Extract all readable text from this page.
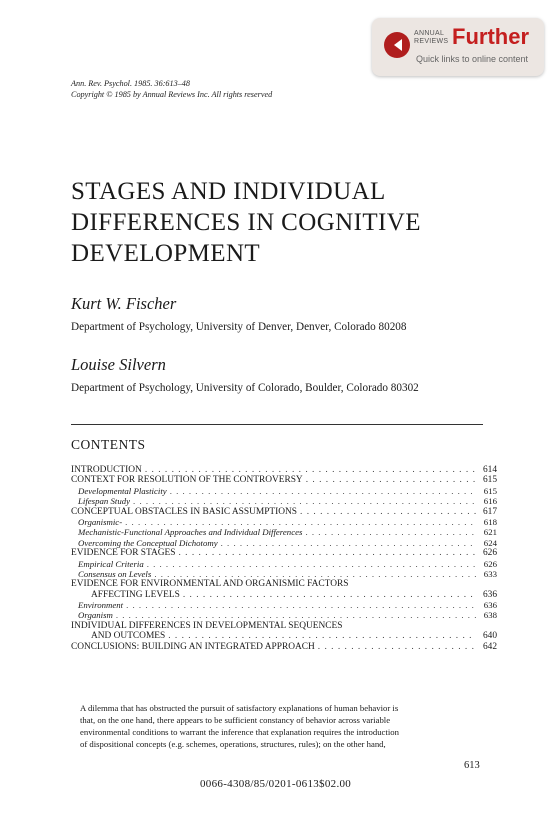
ANNUAL
REVIEWS Further
Quick links to online content
Ann. Rev. Psychol. 1985. 36:613–48
Copyright © 1985 by Annual Reviews Inc. All rights reserved
STAGES AND INDIVIDUAL
DIFFERENCES IN COGNITIVE
DEVELOPMENT
Kurt W. Fischer
Department of Psychology, University of Denver, Denver, Colorado 80208
Louise Silvern
Department of Psychology, University of Colorado, Boulder, Colorado 80302
CONTENTS
INTRODUCTION . . .	614
CONTEXT FOR RESOLUTION OF THE CONTROVERSY . . .	615
Developmental Plasticity . . .	615
Lifespan Study . . .	616
CONCEPTUAL OBSTACLES IN BASIC ASSUMPTIONS . . .	617
Organismic- . . .	618
Mechanistic-Functional Approaches and Individual Differences . . .	621
Overcoming the Conceptual Dichotomy . . .	624
EVIDENCE FOR STAGES . . .	626
Empirical Criteria . . .	626
Consensus on Levels . . .	633
EVIDENCE FOR ENVIRONMENTAL AND ORGANISMIC FACTORS
AFFECTING LEVELS . . .	636
Environment . . .	636
Organism . . .	638
INDIVIDUAL DIFFERENCES IN DEVELOPMENTAL SEQUENCES
AND OUTCOMES . . .	640
CONCLUSIONS: BUILDING AN INTEGRATED APPROACH . . .	642
A dilemma that has obstructed the pursuit of satisfactory explanations of human behavior is
that, on the one hand, there appears to be sufficient constancy of behavior across variable
environmental conditions to warrant the inference that explanation requires the introduction
of dispositional concepts (e.g. schemes, operations, structures, rules); on the other hand,
613
0066-4308/85/0201-0613$02.00
